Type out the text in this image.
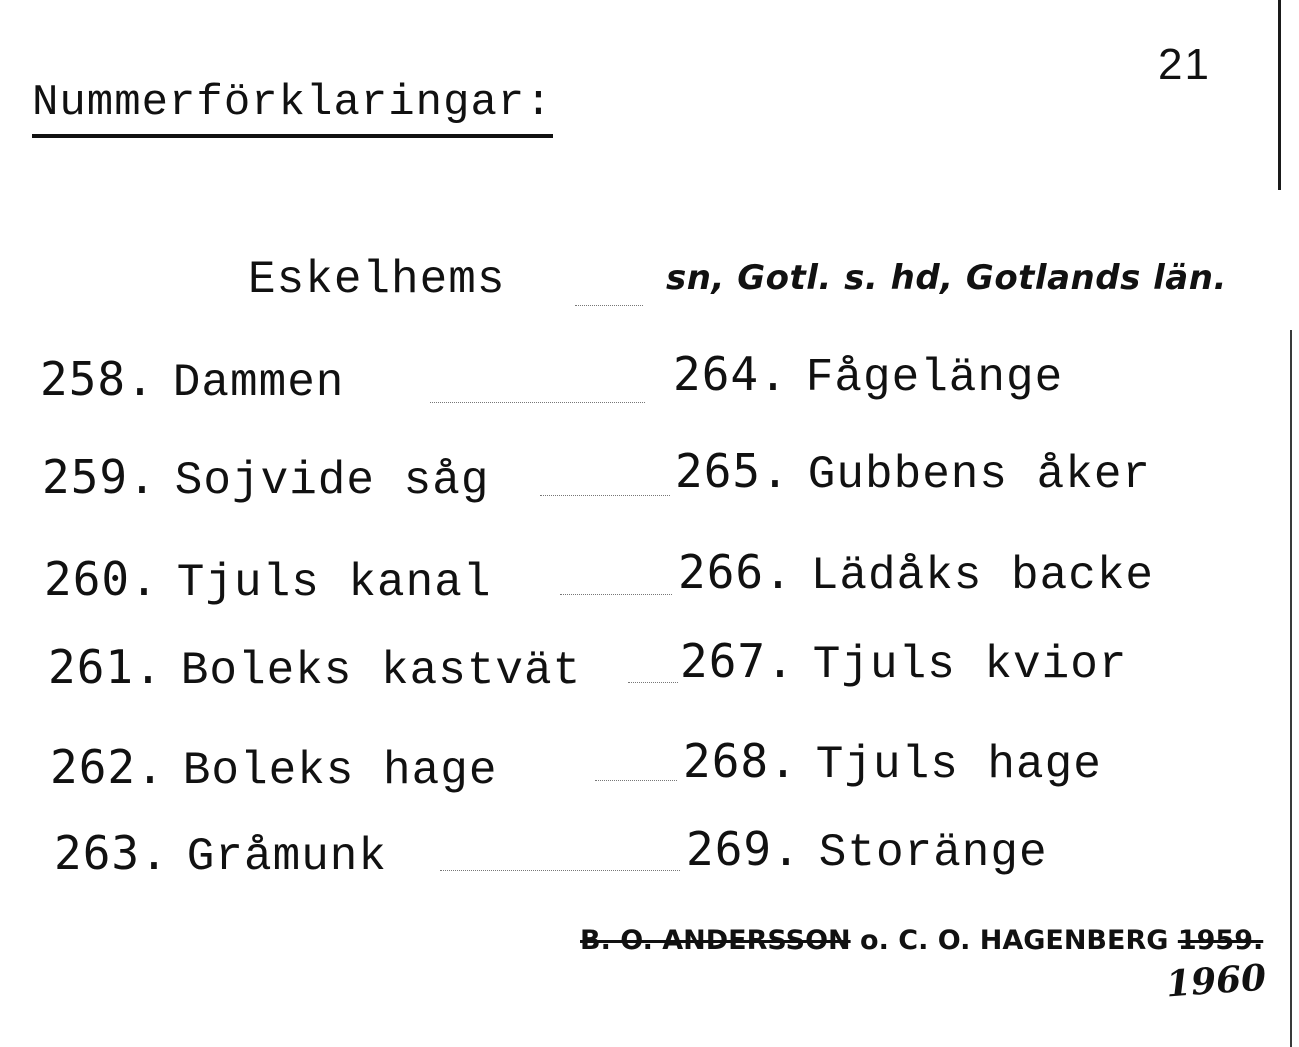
21
Nummerförklaringar:
Eskelhems	sn, Gotl. s. hd, Gotlands län.
258. Dammen
259. Sojvide såg
260. Tjuls kanal
261. Boleks kastvät
262. Boleks hage
263. Gråmunk
264. Fågelänge
265. Gubbens åker
266. Lädåks backe
267. Tjuls kvior
268. Tjuls hage
269. Storänge
B. O. ANDERSSON o. C. O. HAGENBERG 1959.
1960
